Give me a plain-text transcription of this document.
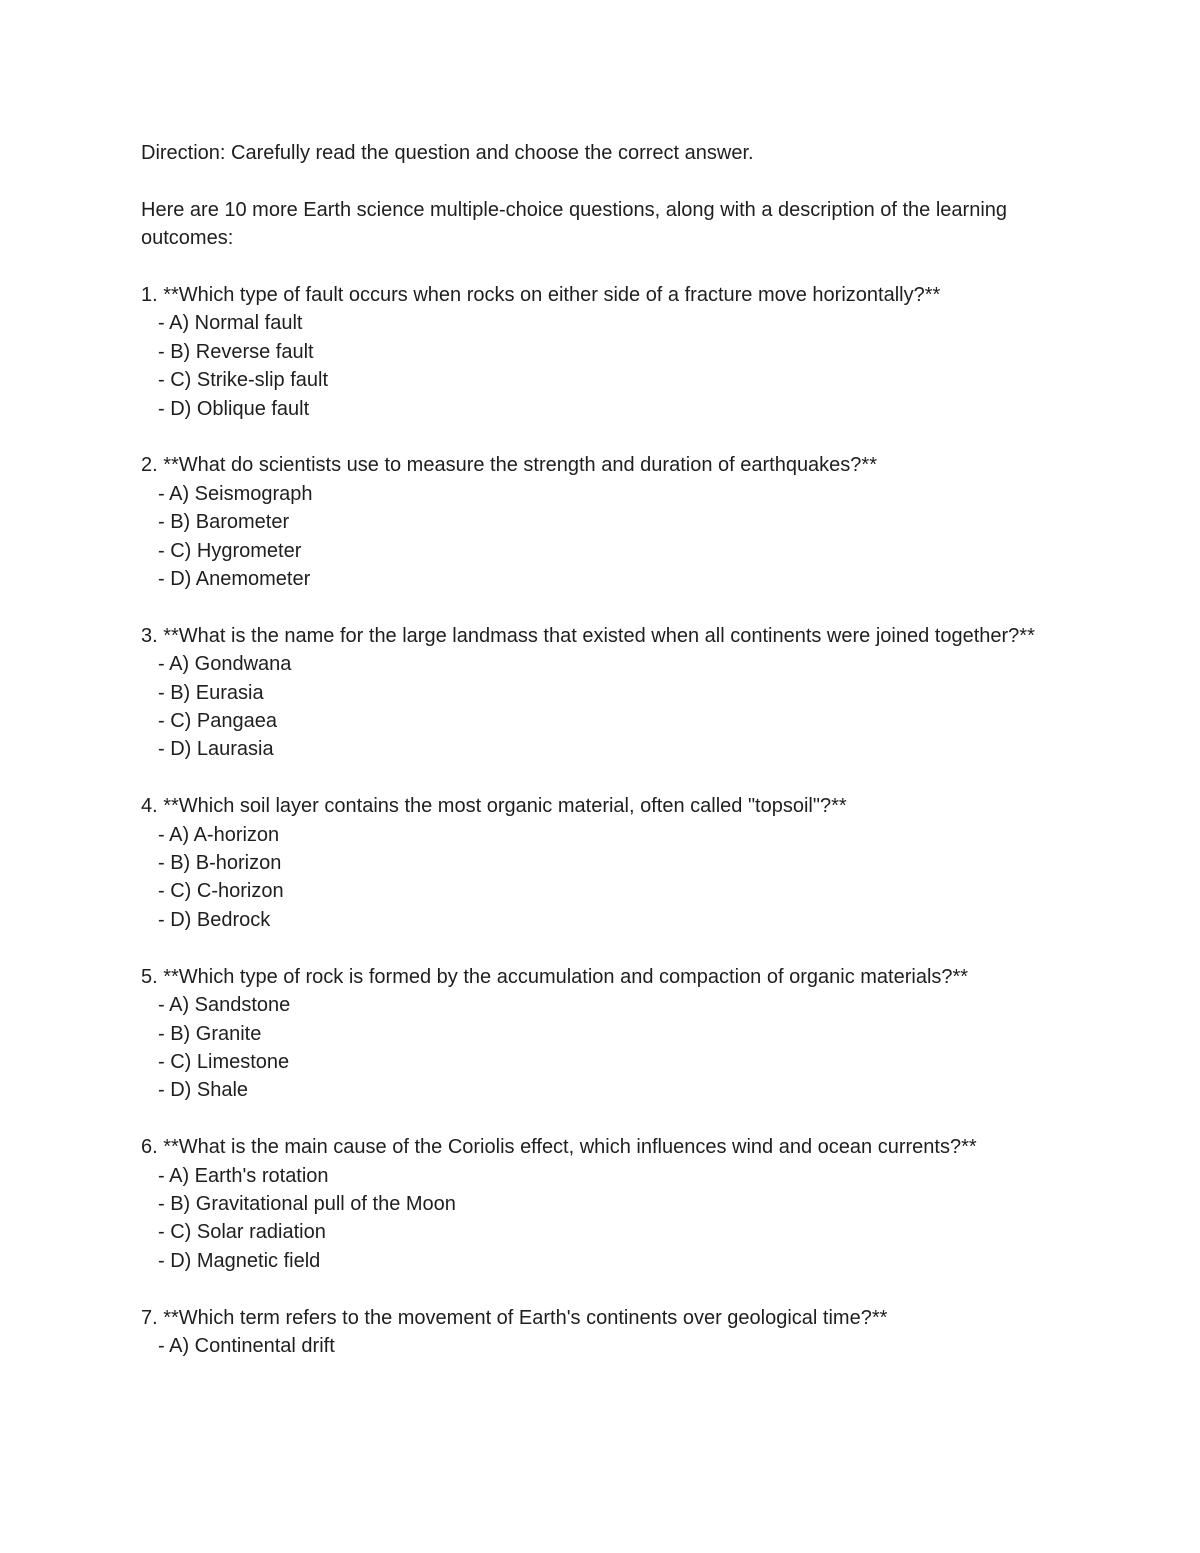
Direction: Carefully read the question and choose the correct answer.

Here are 10 more Earth science multiple-choice questions, along with a description of the learning outcomes:

1. **Which type of fault occurs when rocks on either side of a fracture move horizontally?**

- A) Normal fault
- B) Reverse fault
- C) Strike-slip fault
- D) Oblique fault

2. **What do scientists use to measure the strength and duration of earthquakes?**

- A) Seismograph
- B) Barometer
- C) Hygrometer
- D) Anemometer

3. **What is the name for the large landmass that existed when all continents were joined together?**

- A) Gondwana
- B) Eurasia
- C) Pangaea
- D) Laurasia

4. **Which soil layer contains the most organic material, often called "topsoil"?**

- A) A-horizon
- B) B-horizon
- C) C-horizon
- D) Bedrock

5. **Which type of rock is formed by the accumulation and compaction of organic materials?**

- A) Sandstone
- B) Granite
- C) Limestone
- D) Shale

6. **What is the main cause of the Coriolis effect, which influences wind and ocean currents?**

- A) Earth's rotation
- B) Gravitational pull of the Moon
- C) Solar radiation
- D) Magnetic field

7. **Which term refers to the movement of Earth's continents over geological time?**

- A) Continental drift
